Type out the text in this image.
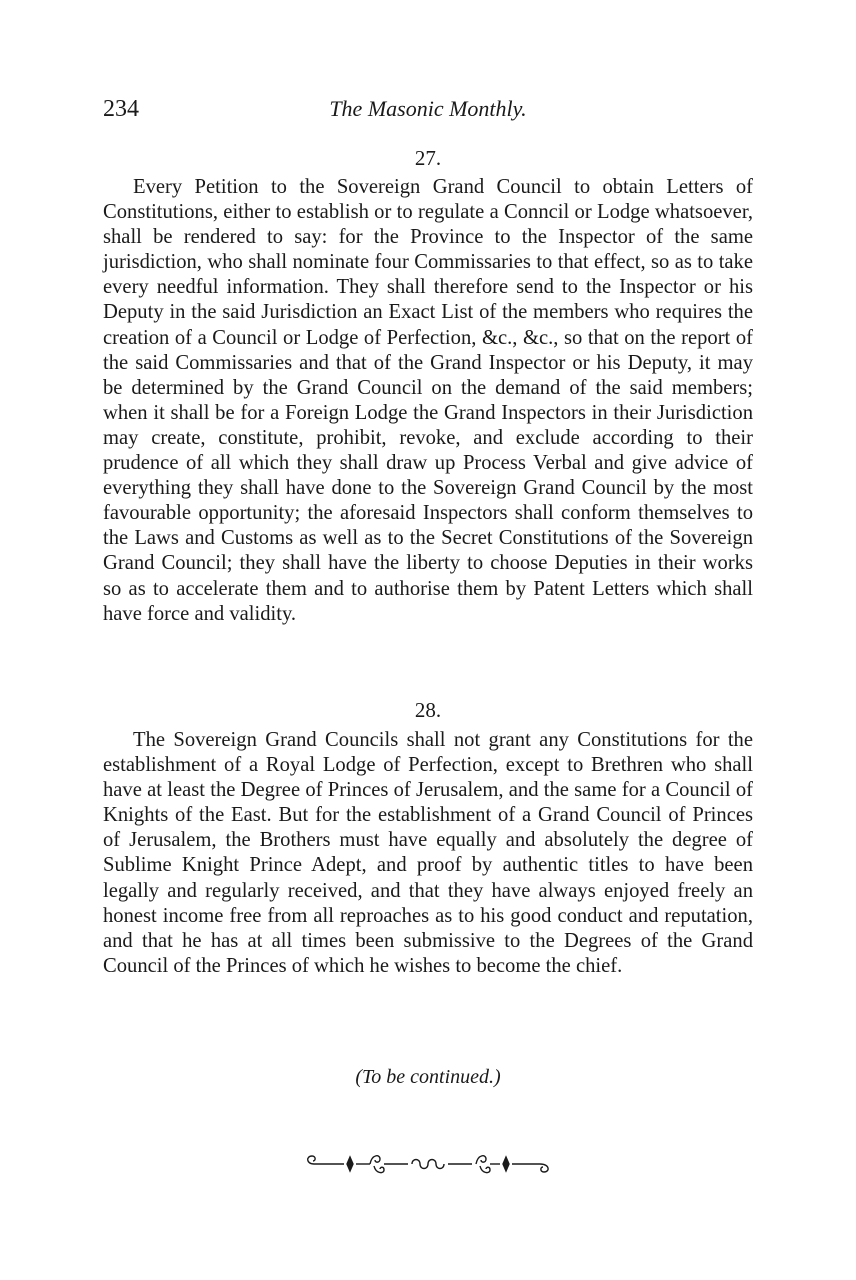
234	The Masonic Monthly.
27.

Every Petition to the Sovereign Grand Council to obtain Letters of Constitutions, either to establish or to regulate a Conncil or Lodge whatsoever, shall be rendered to say: for the Province to the Inspector of the same jurisdiction, who shall nominate four Commissaries to that effect, so as to take every needful information. They shall therefore send to the Inspector or his Deputy in the said Jurisdiction an Exact List of the members who requires the creation of a Council or Lodge of Perfection, &c., &c., so that on the report of the said Commissaries and that of the Grand Inspector or his Deputy, it may be determined by the Grand Council on the demand of the said members; when it shall be for a Foreign Lodge the Grand Inspectors in their Jurisdiction may create, constitute, prohibit, revoke, and exclude according to their prudence of all which they shall draw up Process Verbal and give advice of everything they shall have done to the Sovereign Grand Council by the most favourable opportunity; the aforesaid Inspectors shall conform themselves to the Laws and Customs as well as to the Secret Constitutions of the Sovereign Grand Council; they shall have the liberty to choose Deputies in their works so as to accelerate them and to authorise them by Patent Letters which shall have force and validity.

28.

The Sovereign Grand Councils shall not grant any Constitutions for the establishment of a Royal Lodge of Perfection, except to Brethren who shall have at least the Degree of Princes of Jerusalem, and the same for a Council of Knights of the East. But for the establishment of a Grand Council of Princes of Jerusalem, the Brothers must have equally and absolutely the degree of Sublime Knight Prince Adept, and proof by authentic titles to have been legally and regularly received, and that they have always enjoyed freely an honest income free from all reproaches as to his good conduct and reputation, and that he has at all times been submissive to the Degrees of the Grand Council of the Princes of which he wishes to become the chief.

(To be continued.)
